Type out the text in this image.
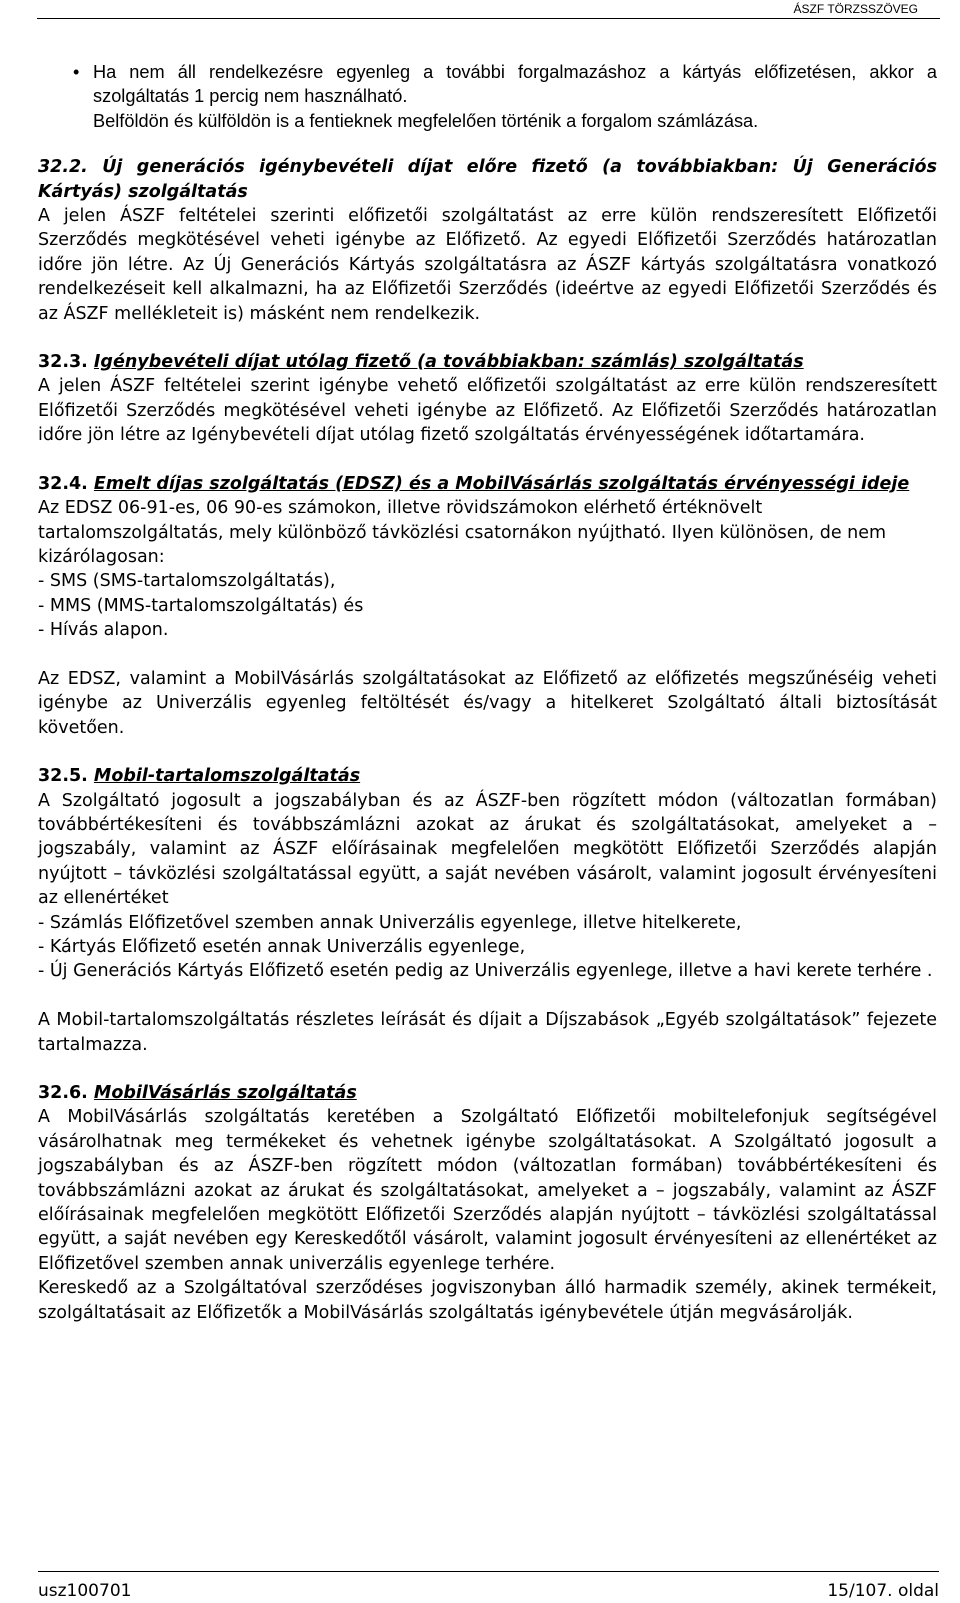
ÁSZF TÖRZSSZÖVEG
• Ha nem áll rendelkezésre egyenleg a további forgalmazáshoz a kártyás előfizetésen, akkor a szolgáltatás 1 percig nem használható.

Belföldön és külföldön is a fentieknek megfelelően történik a forgalom számlázása.

32.2. Új generációs igénybevételi díjat előre fizető (a továbbiakban: Új Generációs Kártyás) szolgáltatás

A jelen ÁSZF feltételei szerinti előfizetői szolgáltatást az erre külön rendszeresített Előfizetői Szerződés megkötésével veheti igénybe az Előfizető. Az egyedi Előfizetői Szerződés határozatlan időre jön létre. Az Új Generációs Kártyás szolgáltatásra az ÁSZF kártyás szolgáltatásra vonatkozó rendelkezéseit kell alkalmazni, ha az Előfizetői Szerződés (ideértve az egyedi Előfizetői Szerződés és az ÁSZF mellékleteit is) másként nem rendelkezik.

32.3. Igénybevételi díjat utólag fizető (a továbbiakban: számlás) szolgáltatás

A jelen ÁSZF feltételei szerint igénybe vehető előfizetői szolgáltatást az erre külön rendszeresített Előfizetői Szerződés megkötésével veheti igénybe az Előfizető. Az Előfizetői Szerződés határozatlan időre jön létre az Igénybevételi díjat utólag fizető szolgáltatás érvényességének időtartamára.

32.4. Emelt díjas szolgáltatás (EDSZ) és a MobilVásárlás szolgáltatás érvényességi ideje

Az EDSZ 06-91-es, 06 90-es számokon, illetve rövidszámokon elérhető értéknövelt tartalomszolgáltatás, mely különböző távközlési csatornákon nyújtható. Ilyen különösen, de nem kizárólagosan:

- SMS (SMS-tartalomszolgáltatás),

- MMS (MMS-tartalomszolgáltatás) és

- Hívás alapon.

Az EDSZ, valamint a MobilVásárlás szolgáltatásokat az Előfizető az előfizetés megszűnéséig veheti igénybe az Univerzális egyenleg feltöltését és/vagy a hitelkeret Szolgáltató általi biztosítását követően.

32.5. Mobil-tartalomszolgáltatás

A Szolgáltató jogosult a jogszabályban és az ÁSZF-ben rögzített módon (változatlan formában) továbbértékesíteni és továbbszámlázni azokat az árukat és szolgáltatásokat, amelyeket a – jogszabály, valamint az ÁSZF előírásainak megfelelően megkötött Előfizetői Szerződés alapján nyújtott – távközlési szolgáltatással együtt, a saját nevében vásárolt, valamint jogosult érvényesíteni az ellenértéket

- Számlás Előfizetővel szemben annak Univerzális egyenlege, illetve hitelkerete,

- Kártyás Előfizető esetén annak Univerzális egyenlege,

- Új Generációs Kártyás Előfizető esetén pedig az Univerzális egyenlege, illetve a havi kerete terhére .

A Mobil-tartalomszolgáltatás részletes leírását és díjait a Díjszabások „Egyéb szolgáltatások” fejezete tartalmazza.

32.6. MobilVásárlás szolgáltatás

A MobilVásárlás szolgáltatás keretében a Szolgáltató Előfizetői mobiltelefonjuk segítségével vásárolhatnak meg termékeket és vehetnek igénybe szolgáltatásokat. A Szolgáltató jogosult a jogszabályban és az ÁSZF-ben rögzített módon (változatlan formában) továbbértékesíteni és továbbszámlázni azokat az árukat és szolgáltatásokat, amelyeket a – jogszabály, valamint az ÁSZF előírásainak megfelelően megkötött Előfizetői Szerződés alapján nyújtott – távközlési szolgáltatással együtt, a saját nevében egy Kereskedőtől vásárolt, valamint jogosult érvényesíteni az ellenértéket az Előfizetővel szemben annak univerzális egyenlege terhére.

Kereskedő az a Szolgáltatóval szerződéses jogviszonyban álló harmadik személy, akinek termékeit, szolgáltatásait az Előfizetők a MobilVásárlás szolgáltatás igénybevétele útján megvásárolják.

usz100701	15/107. oldal
